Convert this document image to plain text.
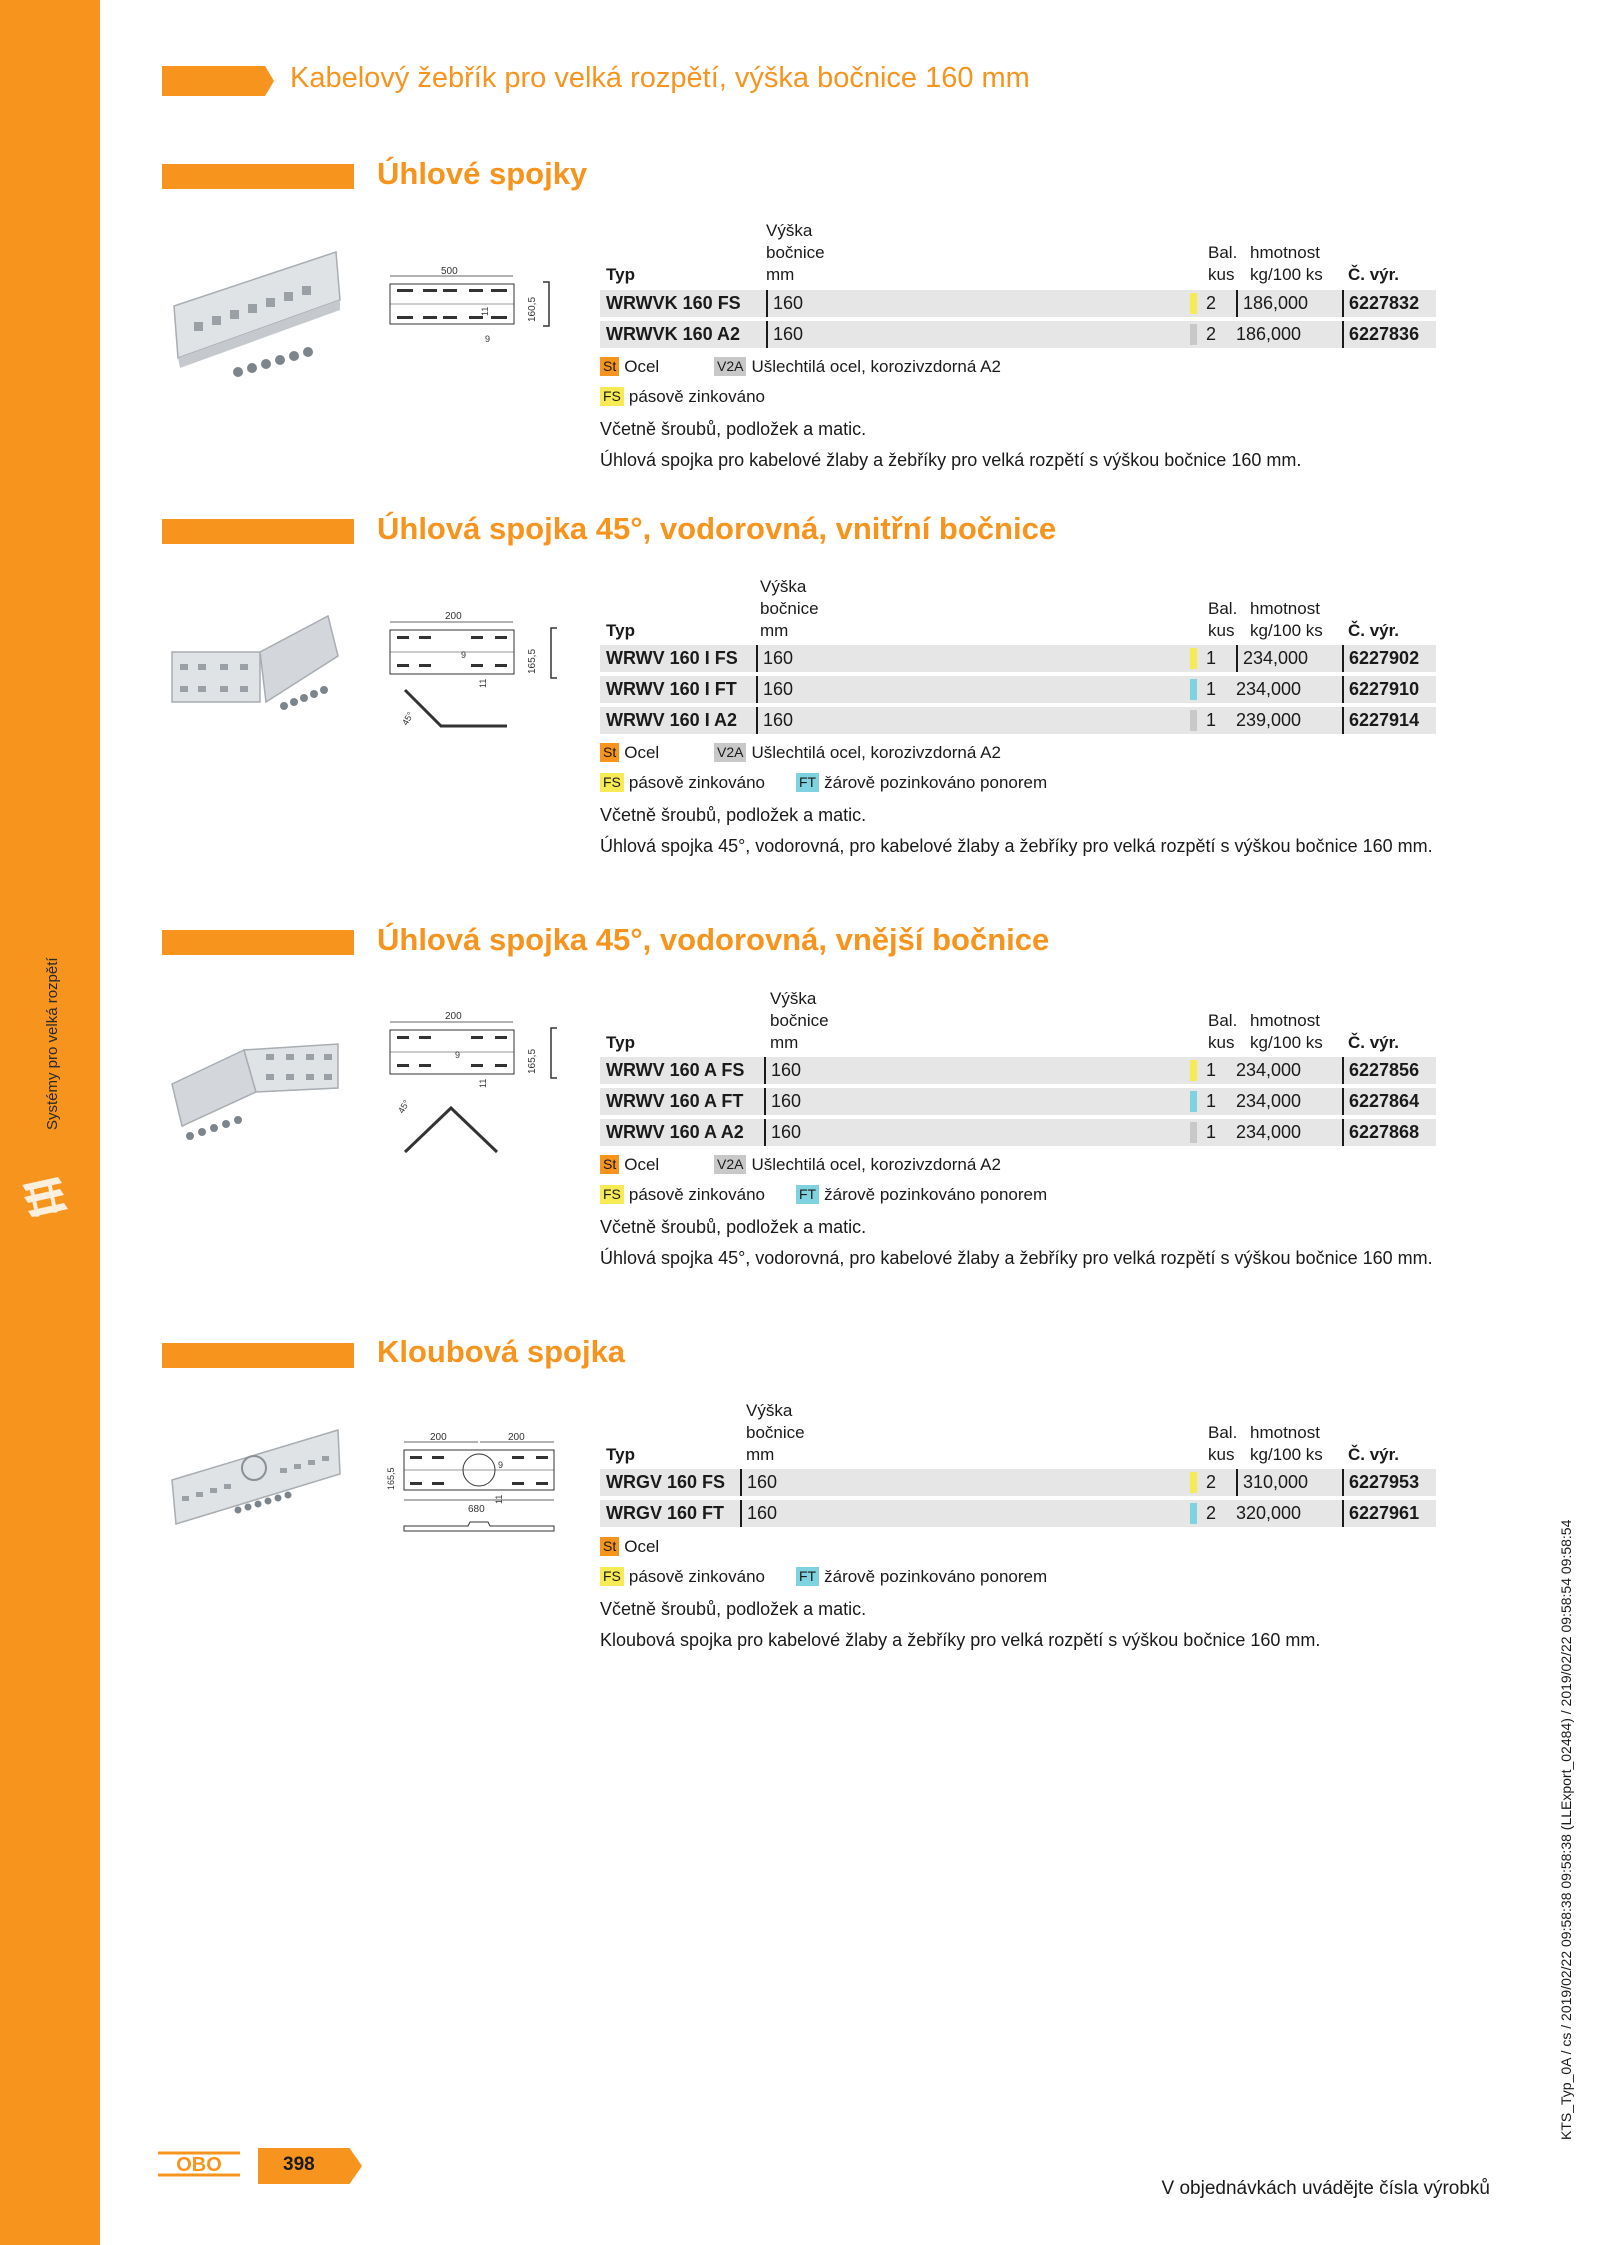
Systémy pro velká rozpětí
Kabelový žebřík pro velká rozpětí, výška bočnice 160 mm
Úhlové spojky
500
11
9
160,5
Výška
bočnice
mm
Typ
Bal.
kus
hmotnost
kg/100 ks Č. výr.
WRWVK 160 FS	160	2	186,000	6227832
WRWVK 160 A2	160	2 186,000	6227836
St Ocel	V2A Ušlechtilá ocel, korozivzdorná A2
FS pásově zinkováno
Včetně šroubů, podložek a matic.
Úhlová spojka pro kabelové žlaby a žebříky pro velká rozpětí s výškou bočnice 160 mm.
Úhlová spojka 45°, vodorovná, vnitřní bočnice
200
9
11
165,5
45°
Výška
bočnice
mm
Typ
Bal.
kus
hmotnost
kg/100 ks Č. výr.
WRWV 160 I FS	160	1	234,000	6227902
WRWV 160 I FT	160	1 234,000	6227910
WRWV 160 I A2	160	1 239,000	6227914
St Ocel	V2A Ušlechtilá ocel, korozivzdorná A2
FS pásově zinkováno FT žárově pozinkováno ponorem
Včetně šroubů, podložek a matic.
Úhlová spojka 45°, vodorovná, pro kabelové žlaby a žebříky pro velká rozpětí s výškou bočnice 160 mm.
Úhlová spojka 45°, vodorovná, vnější bočnice
200
9
11
165,5
45°
Výška
bočnice
mm
Typ
Bal.
kus
hmotnost
kg/100 ks Č. výr.
WRWV 160 A FS	160	1 234,000	6227856
WRWV 160 A FT	160	1 234,000	6227864
WRWV 160 A A2	160	1 234,000	6227868
St Ocel	V2A Ušlechtilá ocel, korozivzdorná A2
FS pásově zinkováno FT žárově pozinkováno ponorem
Včetně šroubů, podložek a matic.
Úhlová spojka 45°, vodorovná, pro kabelové žlaby a žebříky pro velká rozpětí s výškou bočnice 160 mm.
Kloubová spojka
200	200
165,5
9
11
680
Výška
bočnice
mm
Typ
Bal.
kus
hmotnost
kg/100 ks Č. výr.
WRGV 160 FS	160	2	310,000	6227953
WRGV 160 FT	160	2 320,000	6227961
St Ocel
FS pásově zinkováno FT žárově pozinkováno ponorem
Včetně šroubů, podložek a matic.
Kloubová spojka pro kabelové žlaby a žebříky pro velká rozpětí s výškou bočnice 160 mm.
OBO	398
V objednávkách uvádějte čísla výrobků
KTS_Typ_0A / cs / 2019/02/22 09:58:38 09:58:38 (LLExport_02484) / 2019/02/22 09:58:54 09:58:54
